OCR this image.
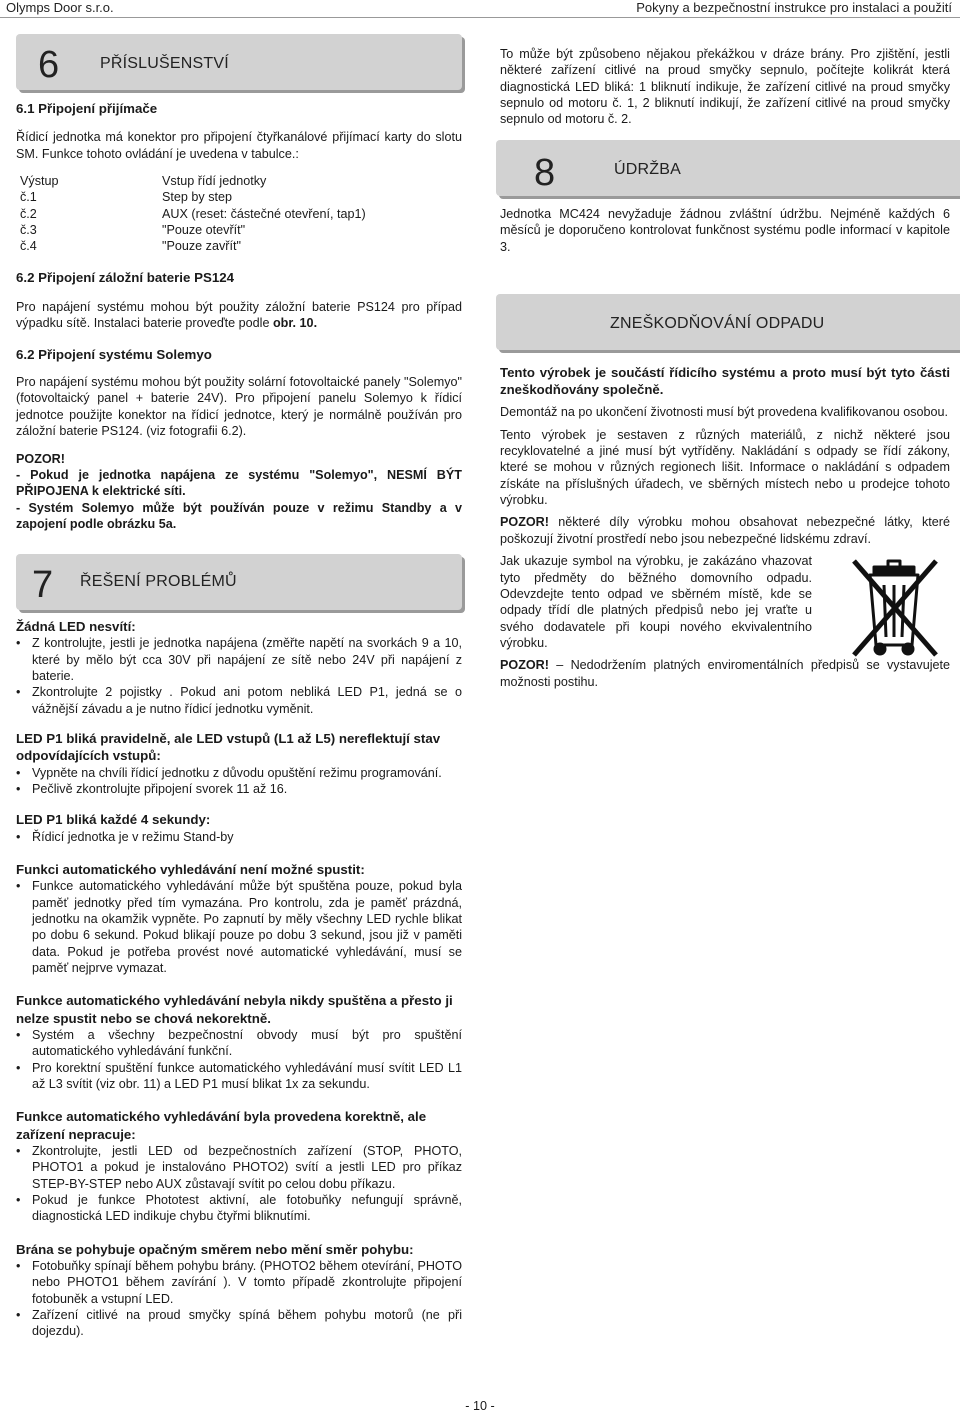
Olymps Door s.r.o.	Pokyny a bezpečnostní instrukce pro instalaci a použití
6	PŘÍSLUŠENSTVÍ
6.1 Připojení přijímače

Řídicí jednotka má konektor pro připojení čtyřkanálové přijímací karty do slotu SM. Funkce tohoto ovládání je uvedena v tabulce.:

Výstup	Vstup řídí jednotky
č.1	Step by step
č.2	AUX (reset: částečné otevření, tap1)
č.3	"Pouze otevřít"
č.4	"Pouze zavřít"
6.2 Připojení záložní baterie PS124

Pro napájení systému mohou být použity záložní baterie PS124 pro případ výpadku sítě. Instalaci baterie proveďte podle obr. 10.

6.2 Připojení systému Solemyo

Pro napájení systému mohou být použity solární fotovoltaické panely "Solemyo" (fotovoltaický panel + baterie 24V). Pro připojení panelu Solemyo k řídicí jednotce použijte konektor na řídicí jednotce, který je normálně používán pro záložní baterie PS124. (viz fotografii 6.2).

POZOR!

- Pokud je jednotka napájena ze systému "Solemyo", NESMÍ BÝT PŘIPOJENA k elektrické síti.

- Systém Solemyo může být používán pouze v režimu Standby a v zapojení podle obrázku 5a.

7 ŘEŠENÍ PROBLÉMŮ
Žádná LED nesvítí:
• Z kontrolujte, jestli je jednotka napájena (změřte napětí na svorkách 9 a 10, které by mělo být cca 30V při napájení ze sítě nebo 24V při napájení z baterie.
• Zkontrolujte 2 pojistky . Pokud ani potom nebliká LED P1, jedná se o vážnější závadu a je nutno řídicí jednotku vyměnit.
LED P1 bliká pravidelně, ale LED vstupů (L1 až L5) nereflektují stav odpovídajících vstupů:
• Vypněte na chvíli řídicí jednotku z důvodu opuštění režimu programování.
• Pečlivě zkontrolujte připojení svorek 11 až 16.
LED P1 bliká každé 4 sekundy:
• Řídicí jednotka je v režimu Stand-by
Funkci automatického vyhledávání není možné spustit:
• Funkce automatického vyhledávání může být spuštěna pouze, pokud byla paměť jednotky před tím vymazána. Pro kontrolu, zda je paměť prázdná, jednotku na okamžik vypněte. Po zapnutí by měly všechny LED rychle blikat po dobu 6 sekund. Pokud blikají pouze po dobu 3 sekund, jsou již v paměti data. Pokud je potřeba provést nové automatické vyhledávání, musí se paměť nejprve vymazat.
Funkce automatického vyhledávání nebyla nikdy spuštěna a přesto ji nelze spustit nebo se chová nekorektně.
• Systém a všechny bezpečnostní obvody musí být pro spuštění automatického vyhledávání funkční.
• Pro korektní spuštění funkce automatického vyhledávání musí svítit LED L1 až L3 svítit (viz obr. 11) a LED P1 musí blikat 1x za sekundu.
Funkce automatického vyhledávání byla provedena korektně, ale zařízení nepracuje:
• Zkontrolujte, jestli LED od bezpečnostních zařízení (STOP, PHOTO, PHOTO1 a pokud je instalováno PHOTO2) svítí a jestli LED pro příkaz STEP-BY-STEP nebo AUX zůstavají svítit po celou dobu příkazu.
• Pokud je funkce Phototest aktivní, ale fotobuňky nefungují správně, diagnostická LED indikuje chybu čtyřmi bliknutími.
Brána se pohybuje opačným směrem nebo mění směr pohybu:
• Fotobuňky spínají během pohybu brány. (PHOTO2 během otevírání, PHOTO nebo PHOTO1 během zavírání ). V tomto případě zkontrolujte připojení fotobuněk a vstupní LED.
• Zařízení citlivé na proud smyčky spíná během pohybu motorů (ne při dojezdu).

To může být způsobeno nějakou překážkou v dráze brány. Pro zjištění, jestli některé zařízení citlivé na proud smyčky sepnulo, počítejte kolikrát která diagnostická LED bliká: 1 bliknutí indikuje, že zařízení citlivé na proud smyčky sepnulo od motoru č. 1, 2 bliknutí indikují, že zařízení citlivé na proud smyčky sepnulo od motoru č. 2.

8	ÚDRŽBA

Jednotka MC424 nevyžaduje žádnou zvláštní údržbu. Nejméně každých 6 měsíců je doporučeno kontrolovat funkčnost systému podle informací v kapitole 3.

ZNEŠKODŇOVÁNÍ ODPADU

Tento výrobek je součástí řídicího systému a proto musí být tyto části zneškodňovány společně.

Demontáž na po ukončení životnosti musí být provedena kvalifikovanou osobou.

Tento výrobek je sestaven z různých materiálů, z nichž některé jsou recyklovatelné a jiné musí být vytříděny. Nakládání s odpady se řídí zákony, které se mohou v různých regionech lišit. Informace o nakládání s odpadem získáte na příslušných úřadech, ve sběrných místech nebo u prodejce tohoto výrobku.

POZOR! některé díly výrobku mohou obsahovat nebezpečné látky, které poškozují životní prostředí nebo jsou nebezpečné lidskému zdraví.

Jak ukazuje symbol na výrobku, je zakázáno vhazovat tyto předměty do běžného domovního odpadu. Odevzdejte tento odpad ve sběrném místě, kde se odpady třídí dle platných předpisů nebo jej vraťte u svého dodavatele při koupi nového ekvivalentního výrobku.

POZOR! – Nedodržením platných enviromentálních předpisů se vystavujete možnosti postihu.

- 10 -
